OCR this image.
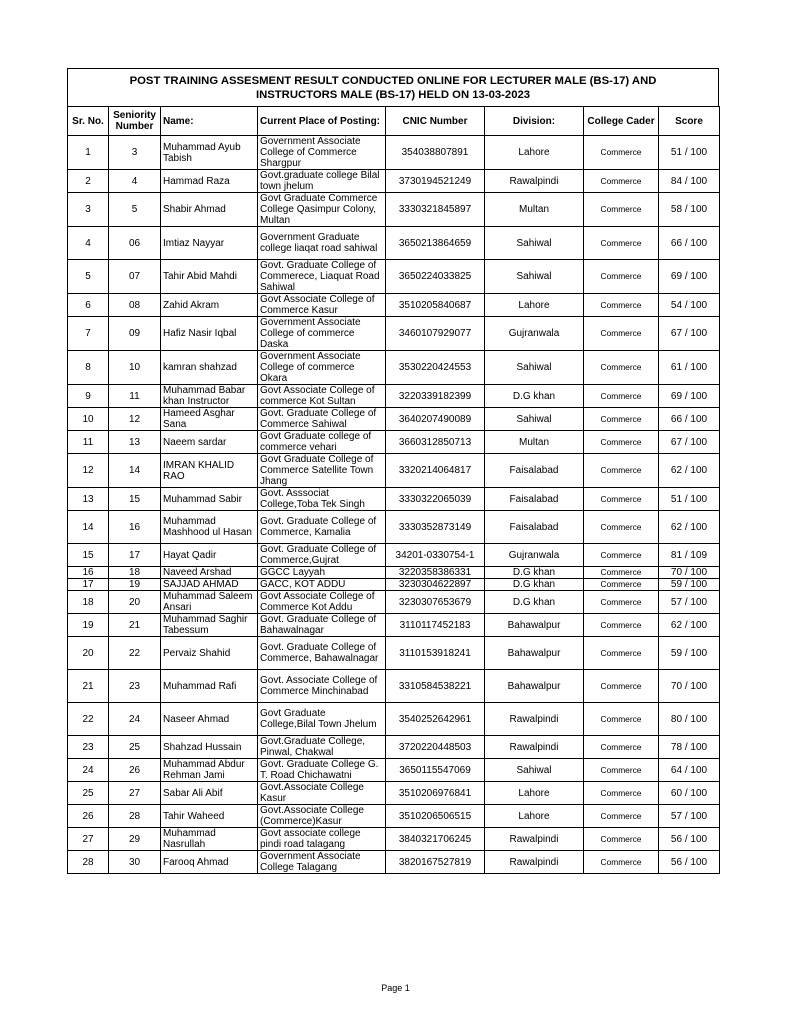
POST TRAINING ASSESMENT RESULT CONDUCTED ONLINE FOR LECTURER MALE (BS-17) AND
INSTRUCTORS MALE (BS-17) HELD ON 13-03-2023
Sr. No.	Seniority Number	Name:	Current Place of Posting:	CNIC Number	Division:	College Cader	Score
1	3	Muhammad Ayub Tabish	Government Associate College of Commerce Shargpur	354038807891	Lahore	Commerce	51 / 100
2	4	Hammad Raza	Govt.graduate college Bilal town jhelum	3730194521249	Rawalpindi	Commerce	84 / 100
3	5	Shabir Ahmad	Govt Graduate Commerce College Qasimpur Colony, Multan	3330321845897	Multan	Commerce	58 / 100
4	06	Imtiaz Nayyar	Government Graduate college liaqat road sahiwal	3650213864659	Sahiwal	Commerce	66 / 100
5	07	Tahir Abid Mahdi	Govt. Graduate College of Commerece, Liaquat Road Sahiwal	3650224033825	Sahiwal	Commerce	69 / 100
6	08	Zahid Akram	Govt Associate College of Commerce Kasur	3510205840687	Lahore	Commerce	54 / 100
7	09	Hafiz Nasir Iqbal	Government Associate College of commerce Daska	3460107929077	Gujranwala	Commerce	67 / 100
8	10	kamran shahzad	Government Associate College of commerce Okara	3530220424553	Sahiwal	Commerce	61 / 100
9	11	Muhammad Babar khan Instructor	Govt Associate College of commerce Kot Sultan	3220339182399	D.G khan	Commerce	69 / 100
10	12	Hameed Asghar Sana	Govt. Graduate College of Commerce Sahiwal	3640207490089	Sahiwal	Commerce	66 / 100
11	13	Naeem sardar	Govt Graduate college of commerce vehari	3660312850713	Multan	Commerce	67 / 100
12	14	IMRAN KHALID RAO	Govt Graduate College of Commerce Satellite Town Jhang	3320214064817	Faisalabad	Commerce	62 / 100
13	15	Muhammad Sabir	Govt. Asssociat College,Toba Tek Singh	3330322065039	Faisalabad	Commerce	51 / 100
14	16	Muhammad Mashhood ul Hasan	Govt. Graduate College of Commerce, Kamalia	3330352873149	Faisalabad	Commerce	62 / 100
15	17	Hayat Qadir	Govt. Graduate College of Commerce,Gujrat	34201-0330754-1	Gujranwala	Commerce	81 / 109
16	18	Naveed Arshad	GGCC Layyah	3220358386331	D.G khan	Commerce	70 / 100
17	19	SAJJAD AHMAD	GACC, KOT ADDU	3230304622897	D.G khan	Commerce	59 / 100
18	20	Muhammad Saleem Ansari	Govt Associate College of Commerce Kot Addu	3230307653679	D.G khan	Commerce	57 / 100
19	21	Muhammad Saghir Tabessum	Govt. Graduate College of Bahawalnagar	3110117452183	Bahawalpur	Commerce	62 / 100
20	22	Pervaiz Shahid	Govt. Graduate College of Commerce, Bahawalnagar	3110153918241	Bahawalpur	Commerce	59 / 100
21	23	Muhammad Rafi	Govt. Associate College of Commerce Minchinabad	3310584538221	Bahawalpur	Commerce	70 / 100
22	24	Naseer Ahmad	Govt Graduate College,Bilal Town Jhelum	3540252642961	Rawalpindi	Commerce	80 / 100
23	25	Shahzad Hussain	Govt.Graduate College, Pinwal, Chakwal	3720220448503	Rawalpindi	Commerce	78 / 100
24	26	Muhammad Abdur Rehman Jami	Govt. Graduate College G. T. Road Chichawatni	3650115547069	Sahiwal	Commerce	64 / 100
25	27	Sabar Ali Abif	Govt.Associate College Kasur	3510206976841	Lahore	Commerce	60 / 100
26	28	Tahir Waheed	Govt.Associate College (Commerce)Kasur	3510206506515	Lahore	Commerce	57 / 100
27	29	Muhammad Nasrullah	Govt associate college pindi road talagang	3840321706245	Rawalpindi	Commerce	56 / 100
28	30	Farooq Ahmad	Government Associate College Talagang	3820167527819	Rawalpindi	Commerce	56 / 100
Page 1
